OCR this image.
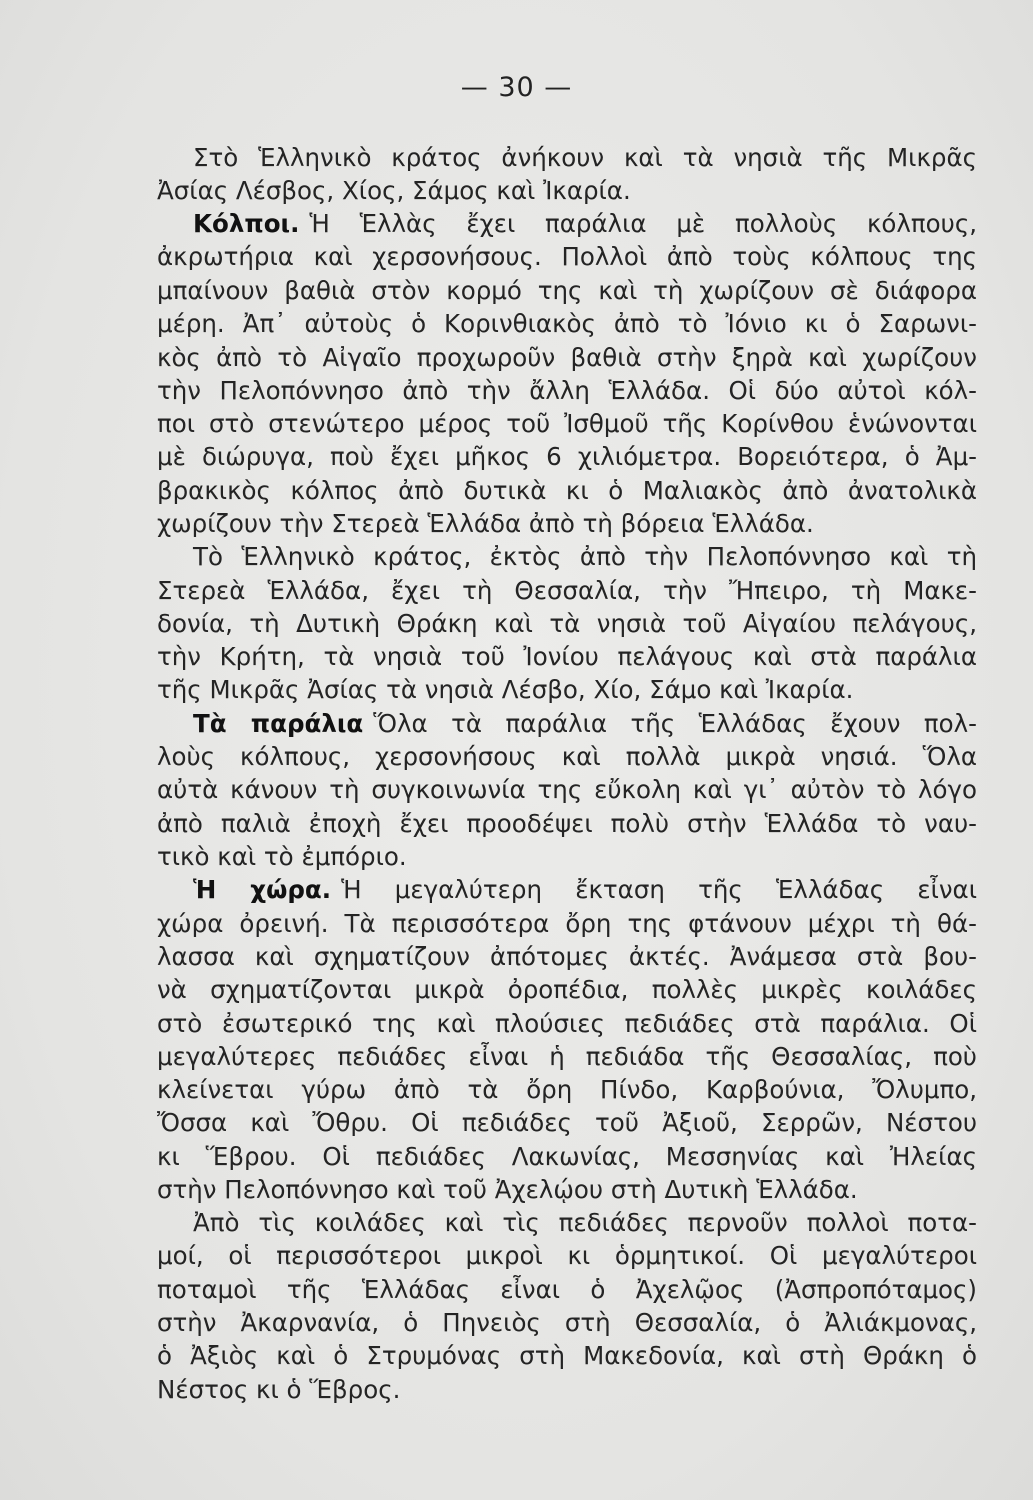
— 30 —
Στὸ Ἑλληνικὸ κράτος ἀνήκουν καὶ τὰ νησιὰ τῆς Μικρᾶς
Ἀσίας Λέσβος, Χίος, Σάμος καὶ Ἰκαρία.
Κόλποι. Ἡ Ἑλλὰς ἔχει παράλια μὲ πολλοὺς κόλπους,
ἀκρωτήρια καὶ χερσονήσους. Πολλοὶ ἀπὸ τοὺς κόλπους της
μπαίνουν βαθιὰ στὸν κορμό της καὶ τὴ χωρίζουν σὲ διάφορα
μέρη. Ἀπ᾽ αὐτοὺς ὁ Κορινθιακὸς ἀπὸ τὸ Ἰόνιο κι ὁ Σαρωνι-
κὸς ἀπὸ τὸ Αἰγαῖο προχωροῦν βαθιὰ στὴν ξηρὰ καὶ χωρίζουν
τὴν Πελοπόννησο ἀπὸ τὴν ἄλλη Ἑλλάδα. Οἱ δύο αὐτοὶ κόλ-
ποι στὸ στενώτερο μέρος τοῦ Ἰσθμοῦ τῆς Κορίνθου ἑνώνονται
μὲ διώρυγα, ποὺ ἔχει μῆκος 6 χιλιόμετρα. Βορειότερα, ὁ Ἀμ-
βρακικὸς κόλπος ἀπὸ δυτικὰ κι ὁ Μαλιακὸς ἀπὸ ἀνατολικὰ
χωρίζουν τὴν Στερεὰ Ἑλλάδα ἀπὸ τὴ βόρεια Ἑλλάδα.
Τὸ Ἑλληνικὸ κράτος, ἐκτὸς ἀπὸ τὴν Πελοπόννησο καὶ τὴ
Στερεὰ Ἑλλάδα, ἔχει τὴ Θεσσαλία, τὴν Ἤπειρο, τὴ Μακε-
δονία, τὴ Δυτικὴ Θράκη καὶ τὰ νησιὰ τοῦ Αἰγαίου πελάγους,
τὴν Κρήτη, τὰ νησιὰ τοῦ Ἰονίου πελάγους καὶ στὰ παράλια
τῆς Μικρᾶς Ἀσίας τὰ νησιὰ Λέσβο, Χίο, Σάμο καὶ Ἰκαρία.
Τὰ παράλια Ὅλα τὰ παράλια τῆς Ἑλλάδας ἔχουν πολ-
λοὺς κόλπους, χερσονήσους καὶ πολλὰ μικρὰ νησιά. Ὅλα
αὐτὰ κάνουν τὴ συγκοινωνία της εὔκολη καὶ γι᾽ αὐτὸν τὸ λόγο
ἀπὸ παλιὰ ἐποχὴ ἔχει προοδέψει πολὺ στὴν Ἑλλάδα τὸ ναυ-
τικὸ καὶ τὸ ἐμπόριο.
Ἡ χώρα. Ἡ μεγαλύτερη ἔκταση τῆς Ἑλλάδας εἶναι
χώρα ὀρεινή. Τὰ περισσότερα ὄρη της φτάνουν μέχρι τὴ θά-
λασσα καὶ σχηματίζουν ἀπότομες ἀκτές. Ἀνάμεσα στὰ βου-
νὰ σχηματίζονται μικρὰ ὀροπέδια, πολλὲς μικρὲς κοιλάδες
στὸ ἐσωτερικό της καὶ πλούσιες πεδιάδες στὰ παράλια. Οἱ
μεγαλύτερες πεδιάδες εἶναι ἡ πεδιάδα τῆς Θεσσαλίας, ποὺ
κλείνεται γύρω ἀπὸ τὰ ὄρη Πίνδο, Καρβούνια, Ὄλυμπο,
Ὄσσα καὶ Ὄθρυ. Οἱ πεδιάδες τοῦ Ἀξιοῦ, Σερρῶν, Νέστου
κι Ἕβρου. Οἱ πεδιάδες Λακωνίας, Μεσσηνίας καὶ Ἠλείας
στὴν Πελοπόννησο καὶ τοῦ Ἀχελῴου στὴ Δυτικὴ Ἑλλάδα.
Ἀπὸ τὶς κοιλάδες καὶ τὶς πεδιάδες περνοῦν πολλοὶ ποτα-
μοί, οἱ περισσότεροι μικροὶ κι ὁρμητικοί. Οἱ μεγαλύτεροι
ποταμοὶ τῆς Ἑλλάδας εἶναι ὁ Ἀχελῷος (Ἀσπροπόταμος)
στὴν Ἀκαρνανία, ὁ Πηνειὸς στὴ Θεσσαλία, ὁ Ἀλιάκμονας,
ὁ Ἀξιὸς καὶ ὁ Στρυμόνας στὴ Μακεδονία, καὶ στὴ Θράκη ὁ
Νέστος κι ὁ Ἕβρος.
